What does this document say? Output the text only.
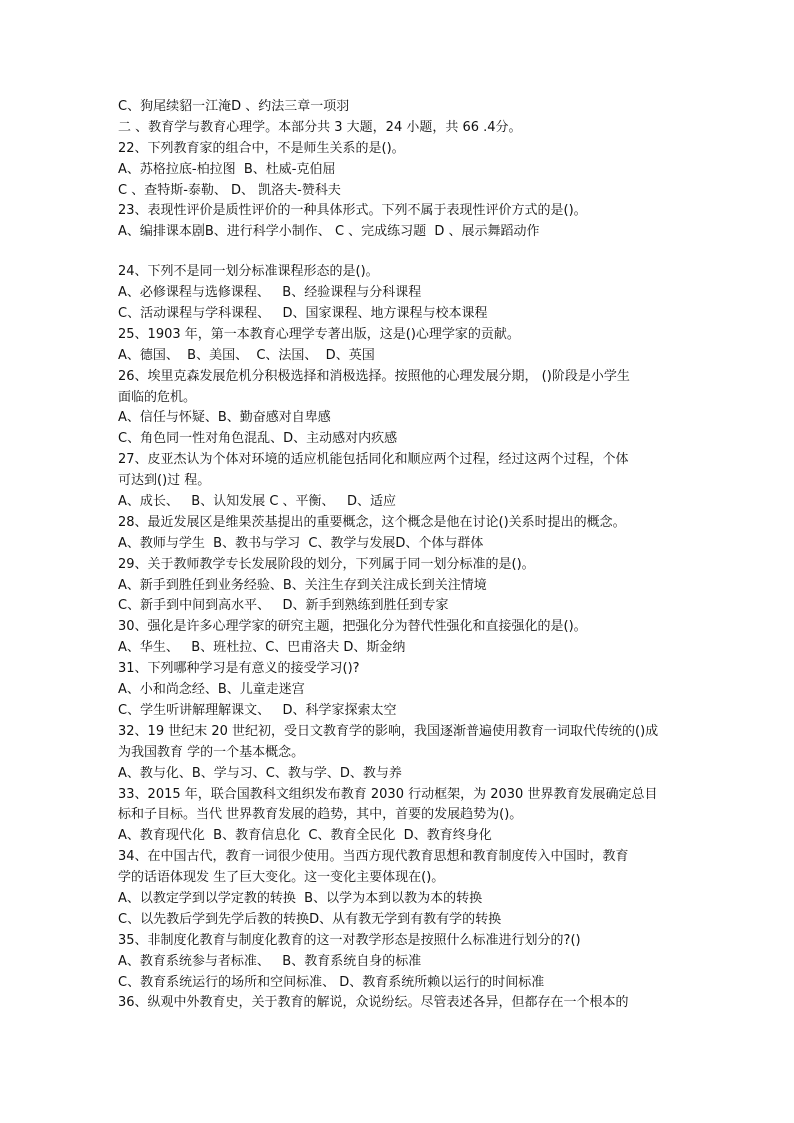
C、狗尾续貂一江淹D 、约法三章一项羽
二 、教育学与教育心理学。本部分共 3 大题，24 小题，共 66 .4分。
22、下列教育家的组合中，不是师生关系的是()。
A、苏格拉底-柏拉图  B、杜威-克伯屈
C 、查特斯-泰勒、 D、 凯洛夫-赞科夫
23、表现性评价是质性评价的一种具体形式。下列不属于表现性评价方式的是()。
A、编排课本剧B、进行科学小制作、 C 、完成练习题  D 、展示舞蹈动作
24、下列不是同一划分标准课程形态的是()。
A、必修课程与选修课程、   B、经验课程与分科课程
C、活动课程与学科课程、   D、国家课程、地方课程与校本课程
25、1903 年，第一本教育心理学专著出版，这是()心理学家的贡献。
A、德国、  B、美国、  C、法国、  D、英国
26、埃里克森发展危机分积极选择和消极选择。按照他的心理发展分期， ()阶段是小学生
面临的危机。
A、信任与怀疑、B、勤奋感对自卑感
C、角色同一性对角色混乱、D、主动感对内疚感
27、皮亚杰认为个体对环境的适应机能包括同化和顺应两个过程，经过这两个过程，个体
可达到()过 程。
A、成长、   B、认知发展 C 、平衡、   D、适应
28、最近发展区是维果茨基提出的重要概念，这个概念是他在讨论()关系时提出的概念。
A、教师与学生  B、教书与学习  C、教学与发展D、个体与群体
29、关于教师教学专长发展阶段的划分，下列属于同一划分标准的是()。
A、新手到胜任到业务经验、B、关注生存到关注成长到关注情境
C、新手到中间到高水平、   D、新手到熟练到胜任到专家
30、强化是许多心理学家的研究主题，把强化分为替代性强化和直接强化的是()。
A、华生、   B、班杜拉、C、巴甫洛夫 D、斯金纳
31、下列哪种学习是有意义的接受学习()?
A、小和尚念经、B、儿童走迷宫
C、学生听讲解理解课文、   D、科学家探索太空
32、19 世纪末 20 世纪初，受日文教育学的影响，我国逐渐普遍使用教育一词取代传统的()成
为我国教育 学的一个基本概念。
A、教与化、B、学与习、C、教与学、D、教与养
33、2015 年，联合国教科文组织发布教育 2030 行动框架，为 2030 世界教育发展确定总目
标和子目标。当代 世界教育发展的趋势，其中，首要的发展趋势为()。
A、教育现代化  B、教育信息化  C、教育全民化  D、教育终身化
34、在中国古代，教育一词很少使用。当西方现代教育思想和教育制度传入中国时，教育
学的话语体现发 生了巨大变化。这一变化主要体现在()。
A、以教定学到以学定教的转换  B、以学为本到以教为本的转换
C、以先教后学到先学后教的转换D、从有教无学到有教有学的转换
35、非制度化教育与制度化教育的这一对教学形态是按照什么标准进行划分的?()
A、教育系统参与者标准、   B、教育系统自身的标准
C、教育系统运行的场所和空间标准、 D、教育系统所赖以运行的时间标准
36、纵观中外教育史，关于教育的解说，众说纷纭。尽管表述各异，但都存在一个根本的
